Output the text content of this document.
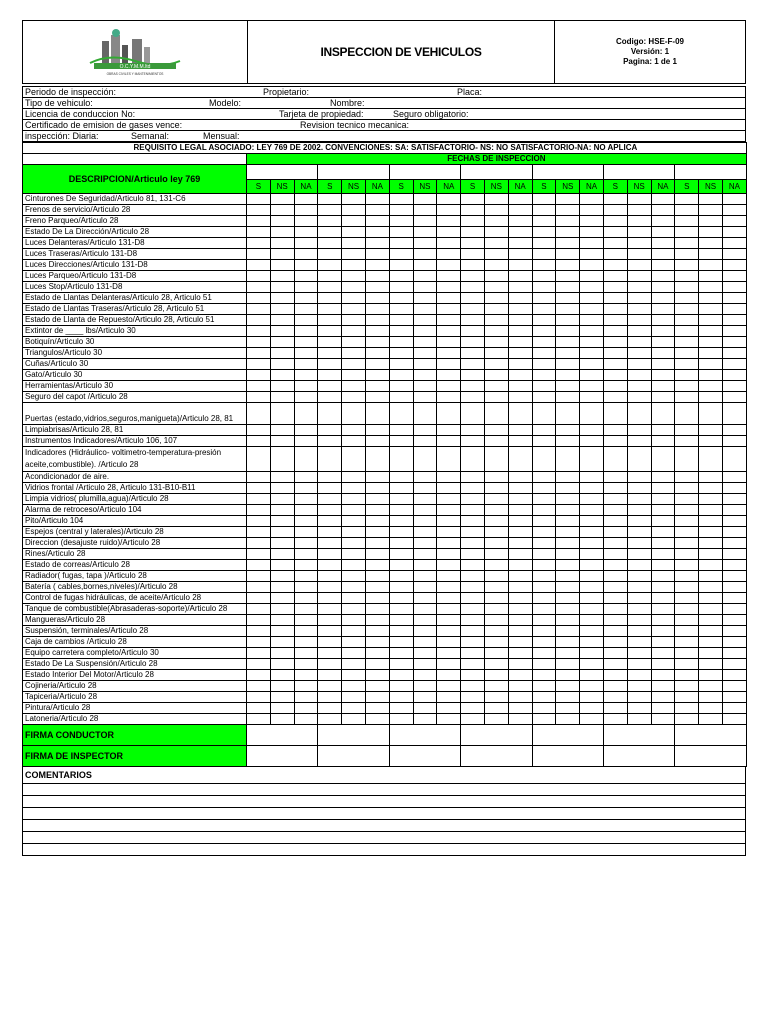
O.C.Y.M.M.ltd
OBRAS CIVILES Y MANTENIMIENTOS
INSPECCION DE VEHICULOS
Codigo: HSE-F-09
Versión: 1
Pagina: 1 de 1
Periodo de inspección:	Propietario:	Placa:
Tipo de vehiculo:	Modelo:	Nombre:
Licencia de conduccion No:	Tarjeta de propiedad:	Seguro obligatorio:
Certificado de emision de gases vence:	Revision tecnico mecanica:
inspección: Diaria:	Semanal:	Mensual:
REQUISITO LEGAL ASOCIADO: LEY 769 DE 2002. CONVENCIONES: SA: SATISFACTORIO- NS: NO SATISFACTORIO-NA: NO APLICA																					
	FECHAS DE INSPECCION																				
DESCRIPCION/Articulo ley 769																					
	S	NS	NA	S	NS	NA	S	NS	NA	S	NS	NA	S	NS	NA	S	NS	NA	S	NS	NA
Cinturones De Seguridad/Articulo 81, 131-C6																					
Frenos de servicio/Articulo 28																					
Freno Parqueo/Articulo 28																					
Estado De La Dirección/Articulo 28																					
Luces Delanteras/Articulo 131-D8																					
Luces Traseras/Articulo 131-D8																					
Luces Direcciones/Articulo 131-D8																					
Luces Parqueo/Articulo 131-D8																					
Luces Stop/Articulo 131-D8																					
Estado de Llantas Delanteras/Articulo 28, Articulo 51																					
Estado de Llantas Traseras/Articulo 28, Articulo 51																					
Estado de Llanta de Repuesto/Articulo 28, Articulo 51																					
Extintor de ____ lbs/Articulo 30																					
Botiquín/Articulo 30																					
Triangulos/Articulo 30																					
Cuñas/Articulo 30																					
Gato/Articulo 30																					
Herramientas/Articulo 30																					
Seguro del capot /Articulo 28																					
Puertas (estado,vidrios,seguros,manigueta)/Articulo 28, 81																					
Limpiabrisas/Articulo 28, 81																					
Instrumentos Indicadores/Articulo 106, 107																					
Indicadores (Hidráulico- voltimetro-temperatura-presión aceite,combustible). /Articulo 28																					
Acondicionador de aire.																					
Vidrios frontal /Articulo 28, Articulo 131-B10-B11																					
Limpia vidrios( plumilla,agua)/Articulo 28																					
Alarma de retroceso/Articulo 104																					
Pito/Articulo 104																					
Espejos (central y laterales)/Articulo 28																					
Direccion (desajuste ruido)/Articulo 28																					
Rines/Articulo 28																					
Estado de correas/Articulo 28																					
Radiador( fugas, tapa )/Articulo 28																					
Batería ( cables,bornes,niveles)/Articulo 28																					
Control de fugas hidráulicas, de aceite/Articulo 28																					
Tanque de combustible(Abrasaderas-soporte)/Articulo 28																					
Mangueras/Articulo 28																					
Suspensión, terminales/Articulo 28																					
Caja de cambios /Articulo 28																					
Equipo carretera completo/Articulo 30																					
Estado De La Suspensión/Articulo 28																					
Estado Interior Del Motor/Articulo 28																					
Cojineria/Articulo 28																					
Tapiceria/Articulo 28																					
Pintura/Articulo 28																					
Latoneria/Articulo 28																					
FIRMA CONDUCTOR																					
FIRMA DE INSPECTOR																					
COMENTARIOS
